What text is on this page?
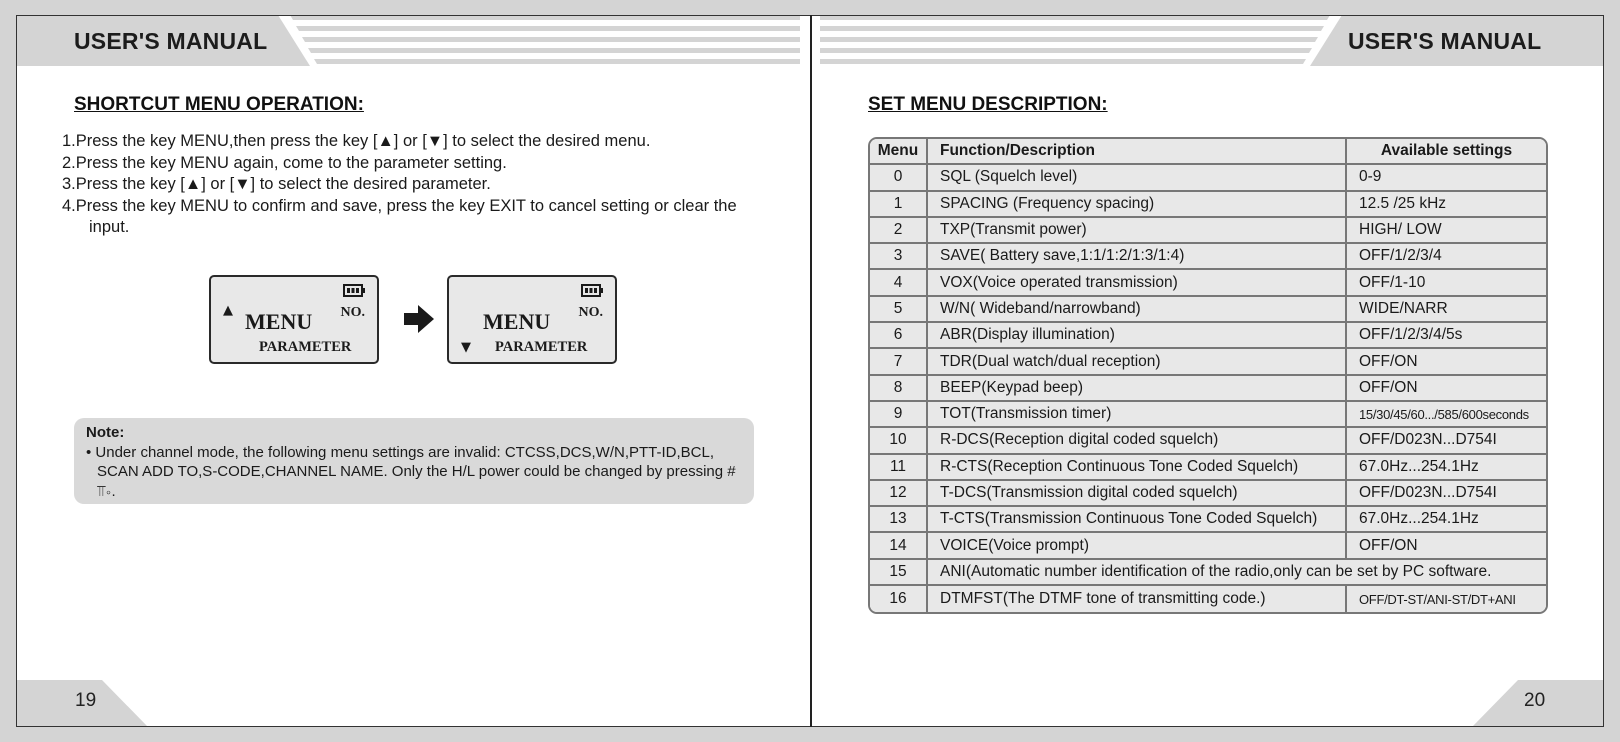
USER'S MANUAL
SHORTCUT MENU OPERATION:
1.Press the key MENU,then press the key [▲] or [▼] to select the desired menu.
2.Press the key MENU again, come to the parameter setting.
3.Press the key [▲] or [▼] to select the desired parameter.
4.Press the key MENU to confirm and save, press the key EXIT to cancel setting or clear the input.
▲ MENU NO.
PARAMETER
MENU NO.
▼ PARAMETER
Note:
• Under channel mode, the following menu settings are invalid: CTCSS,DCS,W/N,PTT-ID,BCL, SCAN ADD TO,S-CODE,CHANNEL NAME. Only the H/L power could be changed by pressing # ⫪∘.
19
USER'S MANUAL
SET MENU DESCRIPTION:
Menu	Function/Description	Available settings
0	SQL (Squelch level)	0-9
1	SPACING (Frequency spacing)	12.5 /25 kHz
2	TXP(Transmit power)	HIGH/ LOW
3	SAVE( Battery save,1:1/1:2/1:3/1:4)	OFF/1/2/3/4
4	VOX(Voice operated transmission)	OFF/1-10
5	W/N( Wideband/narrowband)	WIDE/NARR
6	ABR(Display illumination)	OFF/1/2/3/4/5s
7	TDR(Dual watch/dual reception)	OFF/ON
8	BEEP(Keypad beep)	OFF/ON
9	TOT(Transmission timer)	15/30/45/60.../585/600seconds
10	R-DCS(Reception digital coded squelch)	OFF/D023N...D754I
11	R-CTS(Reception Continuous Tone Coded Squelch)	67.0Hz...254.1Hz
12	T-DCS(Transmission digital coded squelch)	OFF/D023N...D754I
13	T-CTS(Transmission Continuous Tone Coded Squelch)	67.0Hz...254.1Hz
14	VOICE(Voice prompt)	OFF/ON
15	ANI(Automatic number identification of the radio,only can be set by PC software.	
16	DTMFST(The DTMF tone of transmitting code.)	OFF/DT-ST/ANI-ST/DT+ANI
20
